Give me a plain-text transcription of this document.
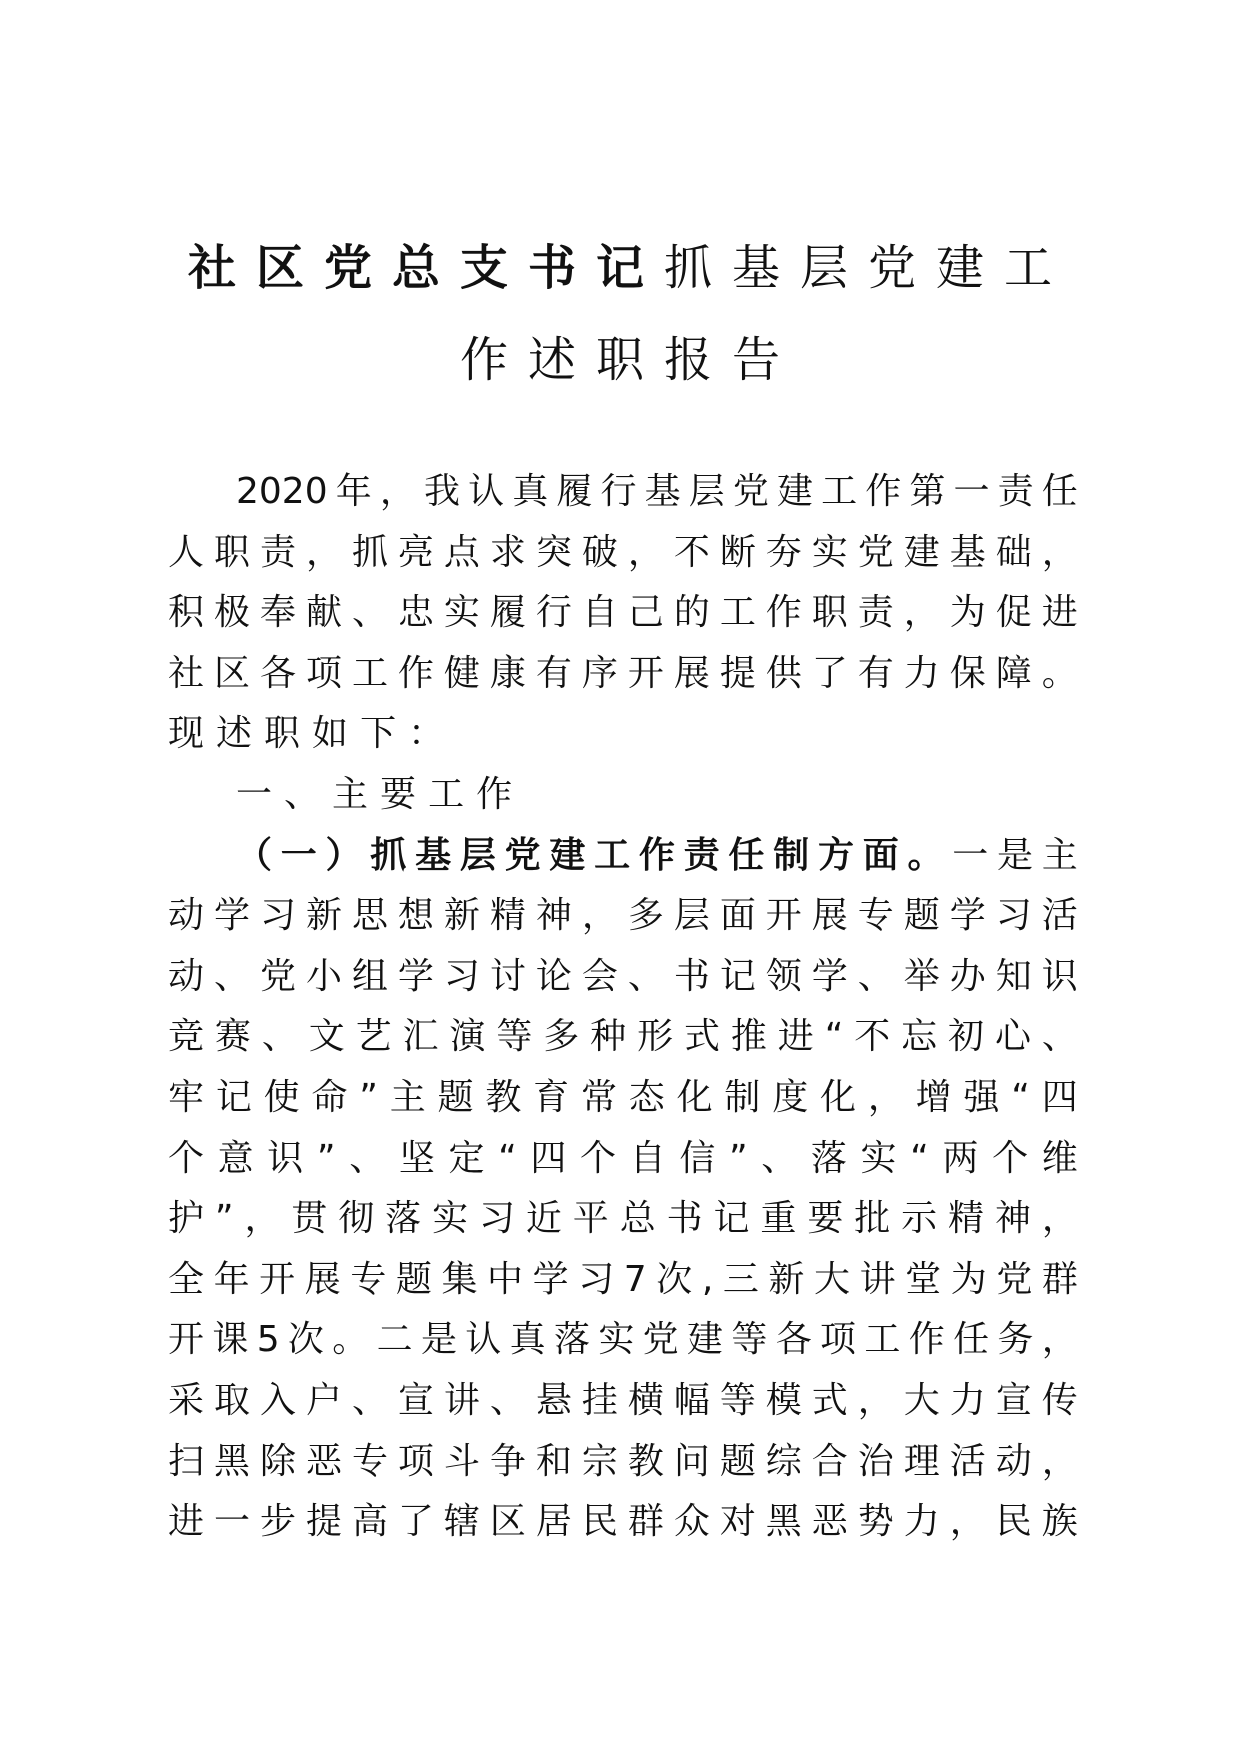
社区党总支书记抓基层党建工
作述职报告
2020 年 ， 我 认 真 履 行 基 层 党 建 工 作 第 一 责 任
人 职 责 ， 抓 亮 点 求 突 破 ， 不 断 夯 实 党 建 基 础 ，
积 极 奉 献 、 忠 实 履 行 自 己 的 工 作 职 责 ， 为 促 进
社 区 各 项 工 作 健 康 有 序 开 展 提 供 了 有 力 保 障 。
现 述 职 如 下 ：
一 、 主 要 工 作
（ 一 ） 抓 基 层 党 建 工 作 责 任 制 方 面 。 一 是 主
动 学 习 新 思 想 新 精 神 ， 多 层 面 开 展 专 题 学 习 活
动 、 党 小 组 学 习 讨 论 会 、 书 记 领 学 、 举 办 知 识
竞 赛 、 文 艺 汇 演 等 多 种 形 式 推 进 “ 不 忘 初 心 、
牢 记 使 命 ” 主 题 教 育 常 态 化 制 度 化 ， 增 强 “ 四
个 意 识 ” 、 坚 定 “ 四 个 自 信 ” 、 落 实 “ 两 个 维
护 ” ， 贯 彻 落 实 习 近 平 总 书 记 重 要 批 示 精 神 ，
全 年 开 展 专 题 集 中 学 习 7 次 , 三 新 大 讲 堂 为 党 群
开 课 5 次 。 二 是 认 真 落 实 党 建 等 各 项 工 作 任 务 ，
采 取 入 户 、 宣 讲 、 悬 挂 横 幅 等 模 式 ， 大 力 宣 传
扫 黑 除 恶 专 项 斗 争 和 宗 教 问 题 综 合 治 理 活 动 ，
进 一 步 提 高 了 辖 区 居 民 群 众 对 黑 恶 势 力 ， 民 族
